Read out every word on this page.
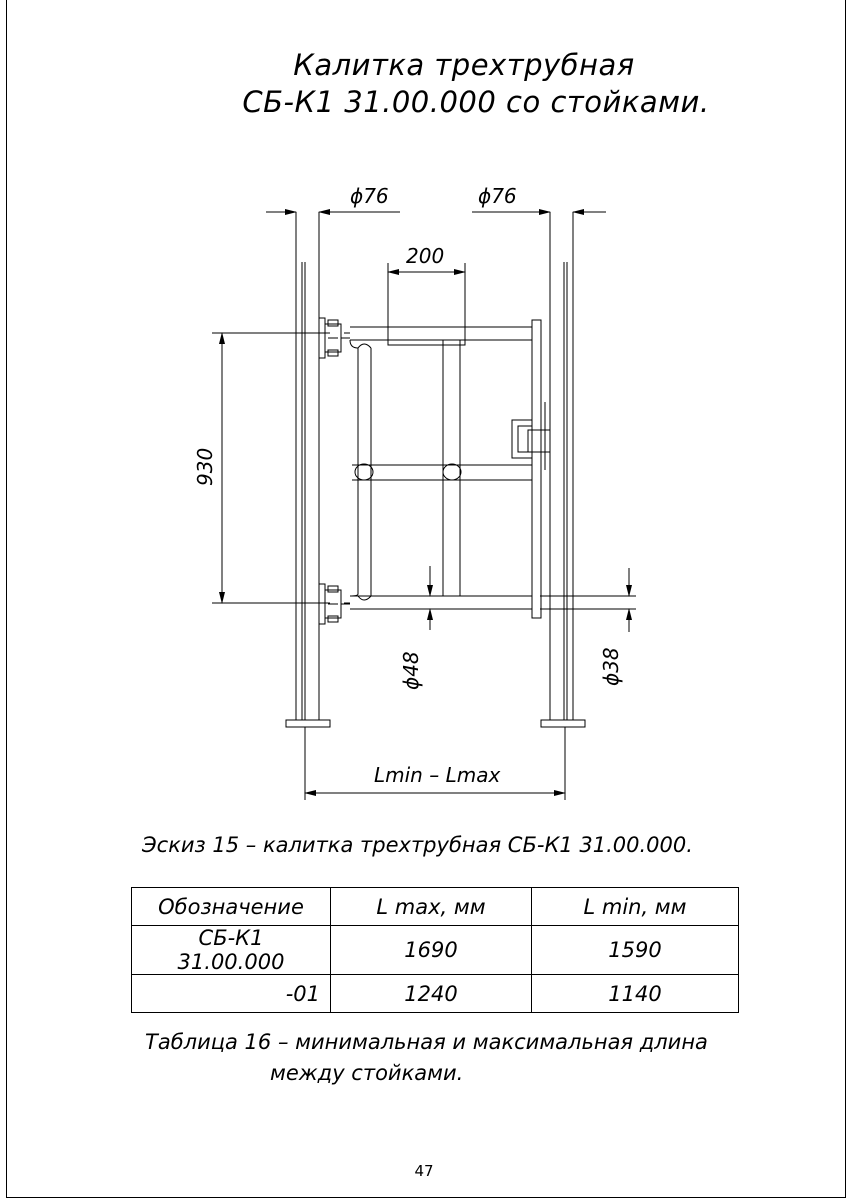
Калитка трехтрубная
СБ-К1 31.00.000 со стойками.
ϕ76	ϕ76
200
930
ϕ48	ϕ38
Lmin – Lmax
Эскиз 15 – калитка трехтрубная СБ-К1 31.00.000.
Обозначение	L max, мм	L min, мм
СБ-К1 31.00.000	1690	1590
-01	1240	1140
Таблица 16 – минимальная и максимальная длина
между стойками.
47
